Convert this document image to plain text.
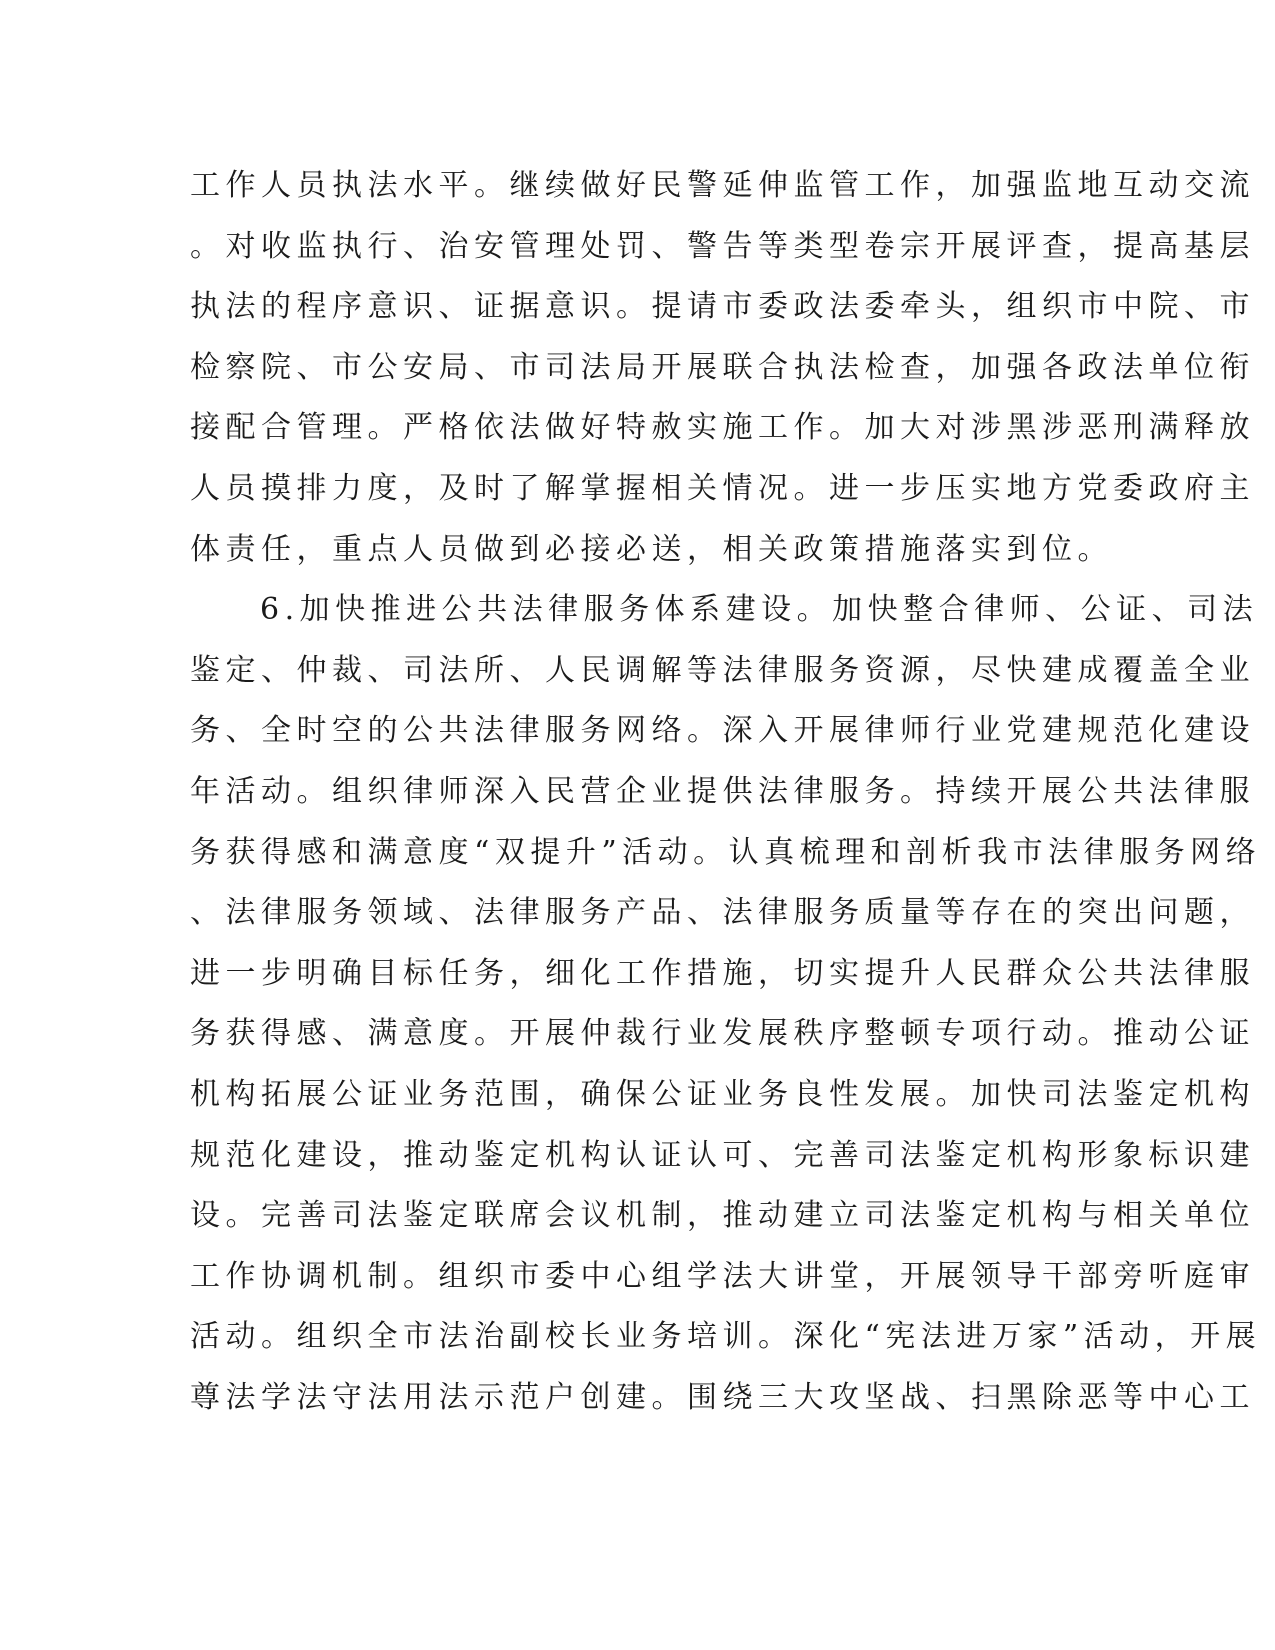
工作人员执法水平。继续做好民警延伸监管工作，加强监地互动交流
。对收监执行、治安管理处罚、警告等类型卷宗开展评查，提高基层
执法的程序意识、证据意识。提请市委政法委牵头，组织市中院、市
检察院、市公安局、市司法局开展联合执法检查，加强各政法单位衔
接配合管理。严格依法做好特赦实施工作。加大对涉黑涉恶刑满释放
人员摸排力度，及时了解掌握相关情况。进一步压实地方党委政府主
体责任，重点人员做到必接必送，相关政策措施落实到位。
6.加快推进公共法律服务体系建设。加快整合律师、公证、司法
鉴定、仲裁、司法所、人民调解等法律服务资源，尽快建成覆盖全业
务、全时空的公共法律服务网络。深入开展律师行业党建规范化建设
年活动。组织律师深入民营企业提供法律服务。持续开展公共法律服
务获得感和满意度“双提升”活动。认真梳理和剖析我市法律服务网络
、法律服务领域、法律服务产品、法律服务质量等存在的突出问题，
进一步明确目标任务，细化工作措施，切实提升人民群众公共法律服
务获得感、满意度。开展仲裁行业发展秩序整顿专项行动。推动公证
机构拓展公证业务范围，确保公证业务良性发展。加快司法鉴定机构
规范化建设，推动鉴定机构认证认可、完善司法鉴定机构形象标识建
设。完善司法鉴定联席会议机制，推动建立司法鉴定机构与相关单位
工作协调机制。组织市委中心组学法大讲堂，开展领导干部旁听庭审
活动。组织全市法治副校长业务培训。深化“宪法进万家”活动，开展
尊法学法守法用法示范户创建。围绕三大攻坚战、扫黑除恶等中心工
